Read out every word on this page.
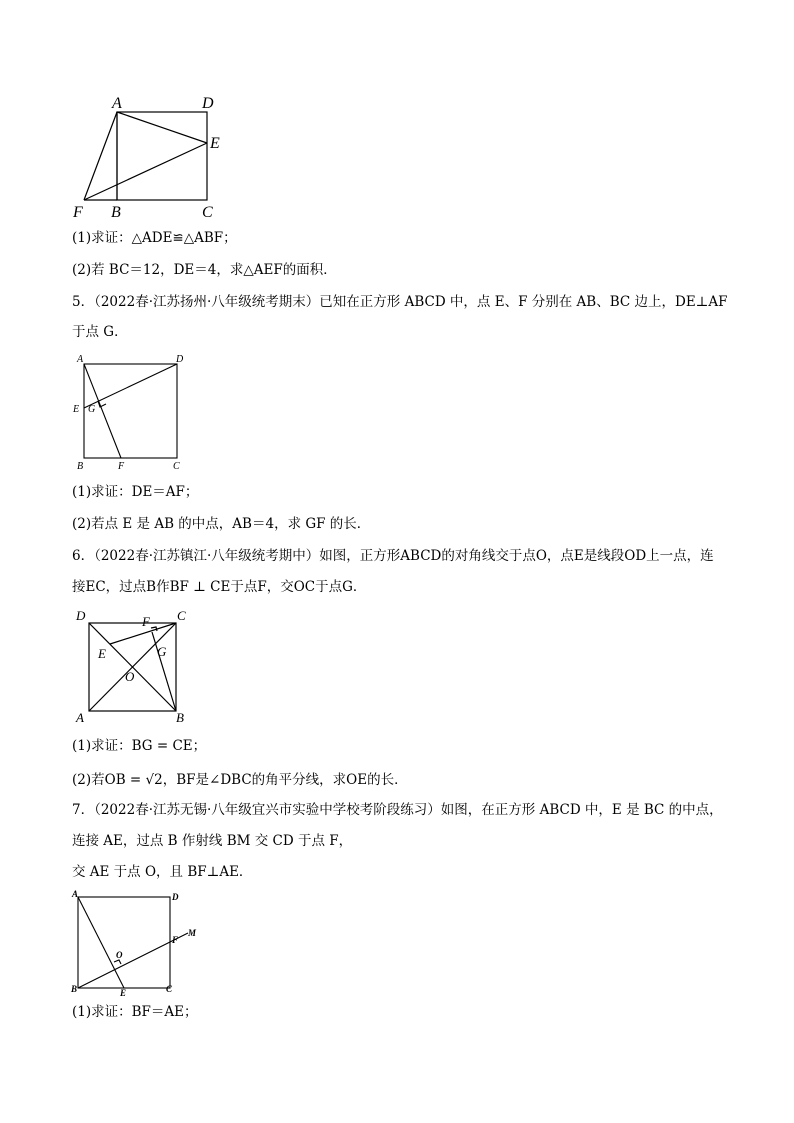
A	D
E
F B	C
(1)求证：△ADE≌△ABF；
(2)若 BC＝12，DE＝4，求△AEF的面积．
5．（2022春·江苏扬州·八年级统考期末）已知在正方形 ABCD 中，点 E、F 分别在 AB、BC 边上，DE⊥AF
于点 G．
A	D
E G
B	F	C
(1)求证：DE＝AF；
(2)若点 E 是 AB 的中点，AB＝4，求 GF 的长．
6．（2022春·江苏镇江·八年级统考期中）如图，正方形ABCD的对角线交于点O，点E是线段OD上一点，连
接EC，过点B作BF ⊥ CE于点F，交OC于点G．
D	F C
E	G
O
A	B
(1)求证：BG = CE；
(2)若OB = √2，BF是∠DBC的角平分线，求OE的长．
7．（2022春·江苏无锡·八年级宜兴市实验中学校考阶段练习）如图，在正方形 ABCD 中，E 是 BC 的中点，
连接 AE，过点 B 作射线 BM 交 CD 于点 F，
交 AE 于点 O，且 BF⊥AE．
A	D
M
F
O
B	E	C
(1)求证：BF＝AE；
